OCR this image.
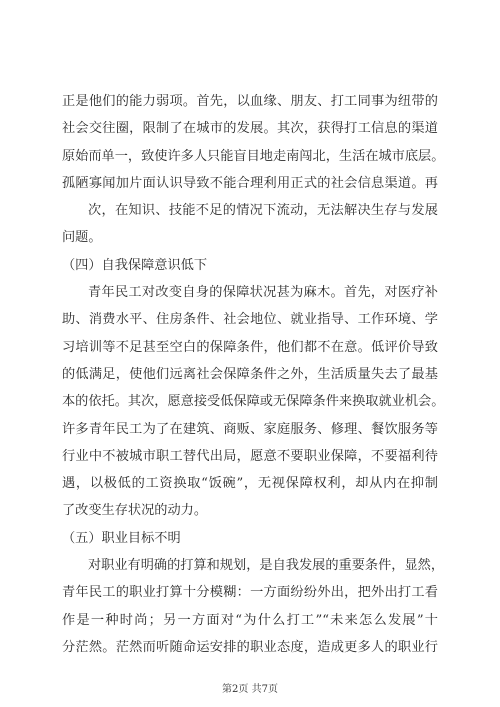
正是他们的能力弱项。首先，以血缘、朋友、打工同事为纽带的
社会交往圈，限制了在城市的发展。其次，获得打工信息的渠道
原始而单一，致使许多人只能盲目地走南闯北，生活在城市底层。
孤陋寡闻加片面认识导致不能合理利用正式的社会信息渠道。再
次，在知识、技能不足的情况下流动，无法解决生存与发展
问题。
（四）自我保障意识低下
青年民工对改变自身的保障状况甚为麻木。首先，对医疗补
助、消费水平、住房条件、社会地位、就业指导、工作环境、学
习培训等不足甚至空白的保障条件，他们都不在意。低评价导致
的低满足，使他们远离社会保障条件之外，生活质量失去了最基
本的依托。其次，愿意接受低保障或无保障条件来换取就业机会。
许多青年民工为了在建筑、商贩、家庭服务、修理、餐饮服务等
行业中不被城市职工替代出局，愿意不要职业保障，不要福利待
遇，以极低的工资换取“饭碗”，无视保障权利，却从内在抑制
了改变生存状况的动力。
（五）职业目标不明
对职业有明确的打算和规划，是自我发展的重要条件，显然，
青年民工的职业打算十分模糊：一方面纷纷外出，把外出打工看
作是一种时尚；另一方面对“为什么打工”“未来怎么发展”十
分茫然。茫然而听随命运安排的职业态度，造成更多人的职业行
第2页 共7页
